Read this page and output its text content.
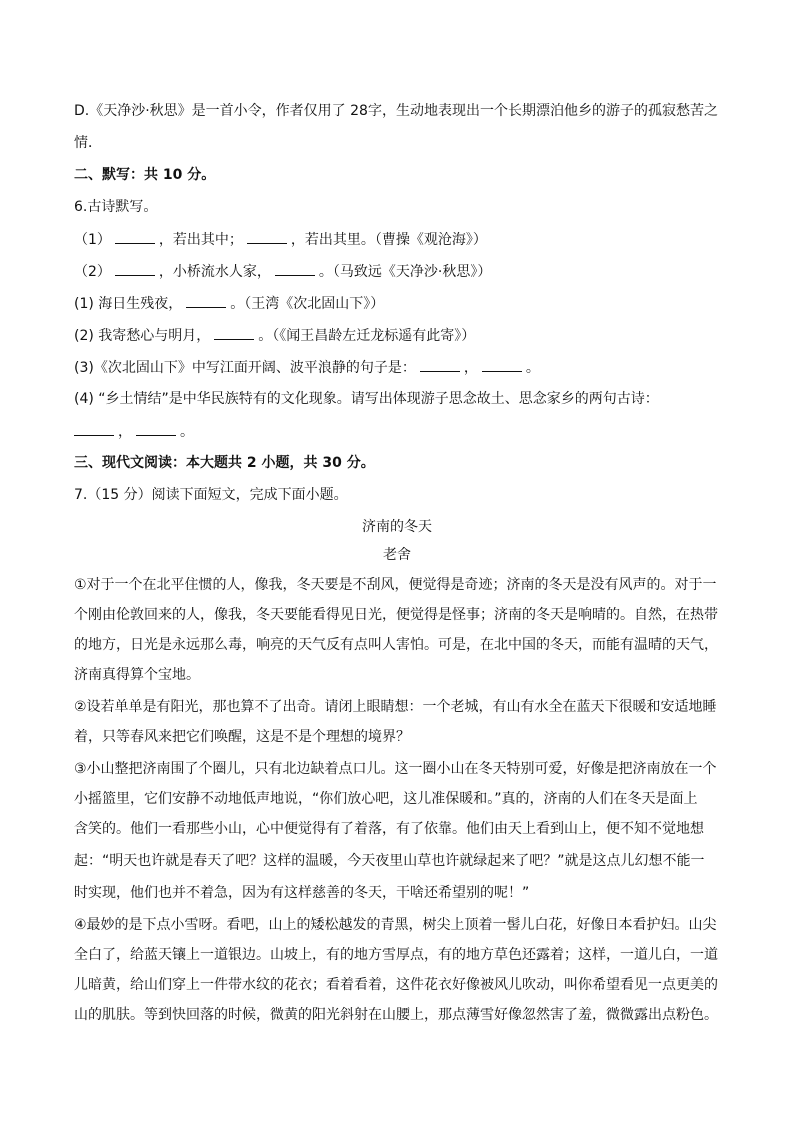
D.《天净沙·秋思》是一首小令，作者仅用了 28字，生动地表现出一个长期漂泊他乡的游子的孤寂愁苦之
情．
二、默写：共 10 分。
6.古诗默写。
（1）	，若出其中；	，若出其里。（曹操《观沧海》）
（2）	，小桥流水人家，	。（马致远《天净沙·秋思》）
(1) 海日生残夜，	。（王湾《次北固山下》）
(2) 我寄愁心与明月，	。（《闻王昌龄左迁龙标遥有此寄》）
(3)《次北固山下》中写江面开阔、波平浪静的句子是：	，	。
(4) “乡土情结”是中华民族特有的文化现象。请写出体现游子思念故土、思念家乡的两句古诗：
，	。
三、现代文阅读：本大题共 2 小题，共 30 分。
7.（15 分）阅读下面短文，完成下面小题。
济南的冬天
老舍
①对于一个在北平住惯的人，像我，冬天要是不刮风，便觉得是奇迹；济南的冬天是没有风声的。对于一
个刚由伦敦回来的人，像我，冬天要能看得见日光，便觉得是怪事；济南的冬天是响晴的。自然，在热带
的地方，日光是永远那么毒，响亮的天气反有点叫人害怕。可是，在北中国的冬天，而能有温晴的天气，
济南真得算个宝地。
②设若单单是有阳光，那也算不了出奇。请闭上眼睛想：一个老城，有山有水全在蓝天下很暖和安适地睡
着，只等春风来把它们唤醒，这是不是个理想的境界？
③小山整把济南围了个圈儿，只有北边缺着点口儿。这一圈小山在冬天特别可爱，好像是把济南放在一个
小摇篮里，它们安静不动地低声地说，“你们放心吧，这儿准保暖和。”真的，济南的人们在冬天是面上
含笑的。他们一看那些小山，心中便觉得有了着落，有了依靠。他们由天上看到山上，便不知不觉地想
起：“明天也许就是春天了吧？这样的温暖，今天夜里山草也许就绿起来了吧？”就是这点儿幻想不能一
时实现，他们也并不着急，因为有这样慈善的冬天，干啥还希望别的呢！”
④最妙的是下点小雪呀。看吧，山上的矮松越发的青黑，树尖上顶着一髻儿白花，好像日本看护妇。山尖
全白了，给蓝天镶上一道银边。山坡上，有的地方雪厚点，有的地方草色还露着；这样，一道儿白，一道
儿暗黄，给山们穿上一件带水纹的花衣；看着看着，这件花衣好像被风儿吹动，叫你希望看见一点更美的
山的肌肤。等到快回落的时候，微黄的阳光斜射在山腰上，那点薄雪好像忽然害了羞，微微露出点粉色。
